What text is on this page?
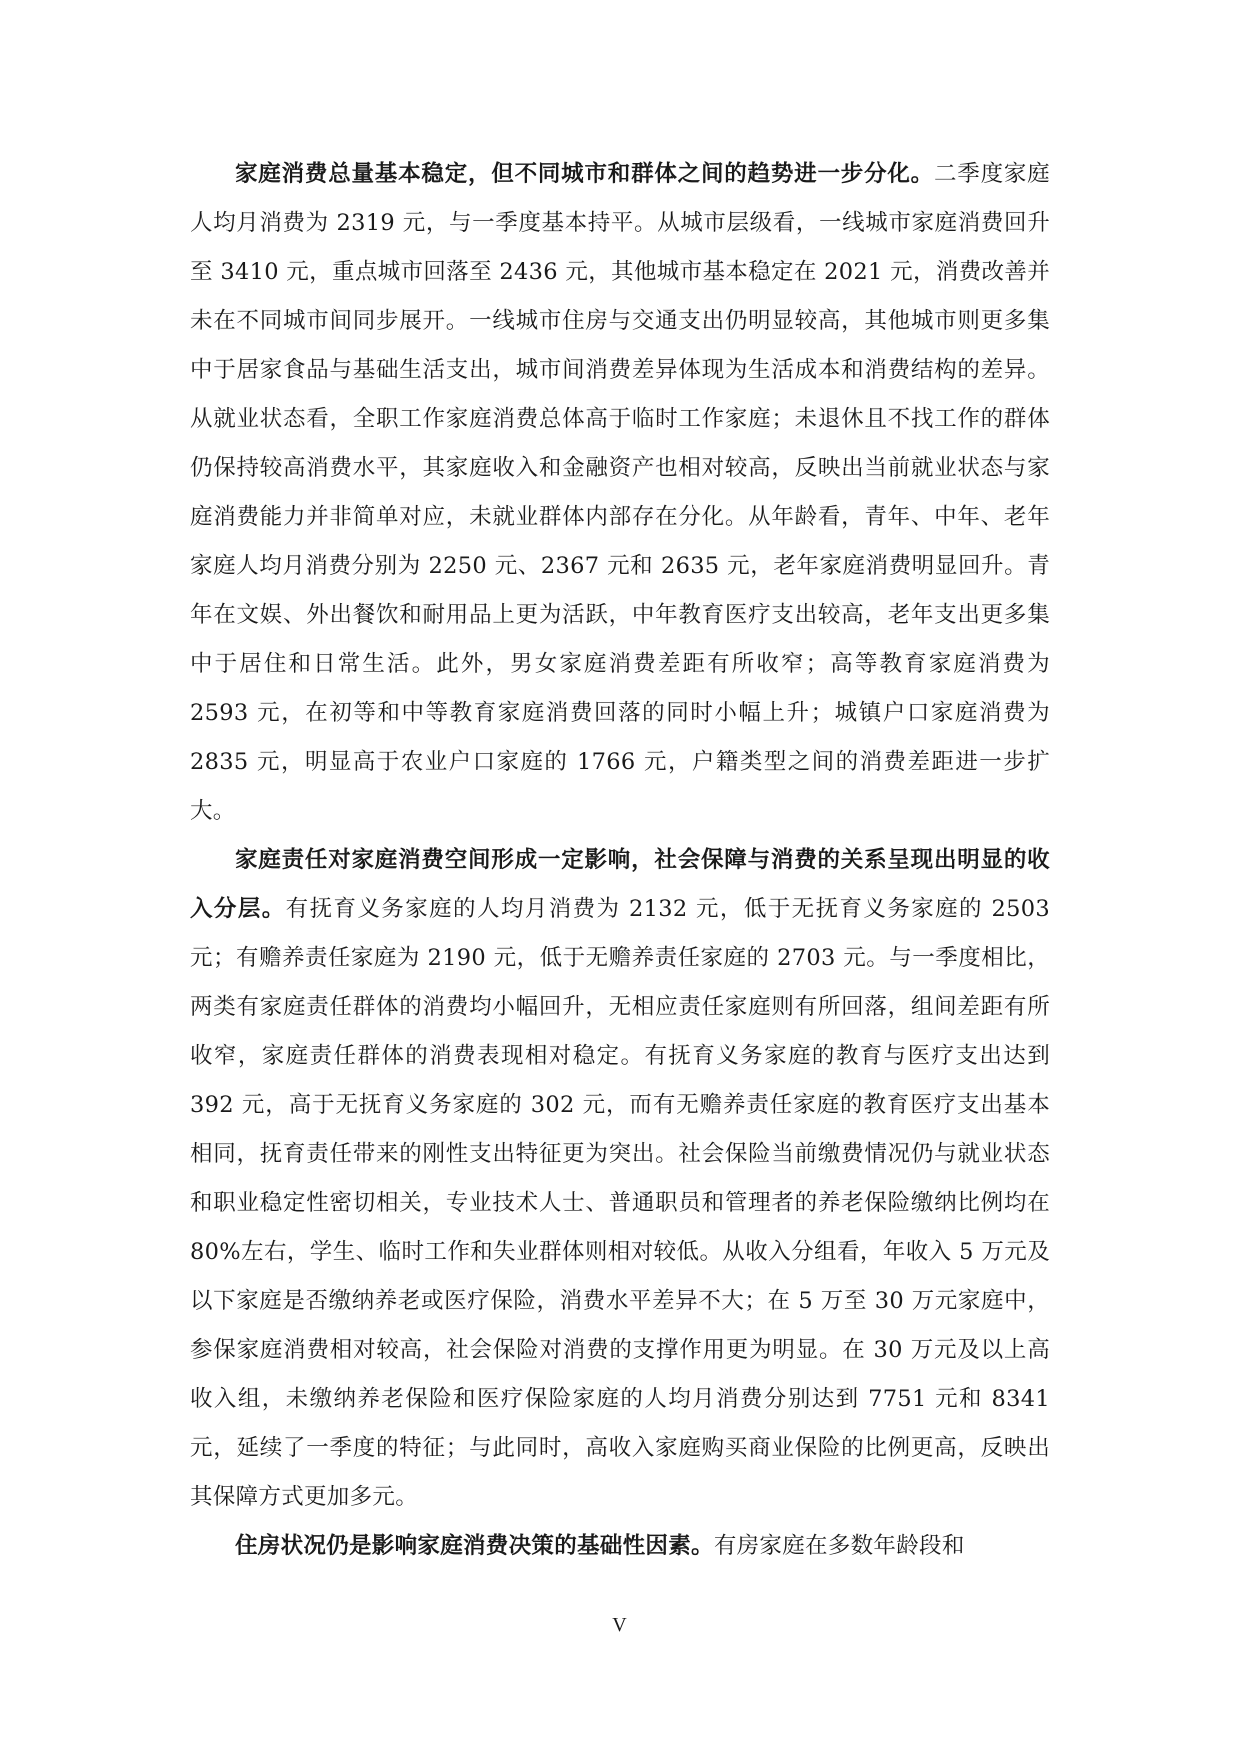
家庭消费总量基本稳定，但不同城市和群体之间的趋势进一步分化。二季度家庭人均月消费为 2319 元，与一季度基本持平。从城市层级看，一线城市家庭消费回升至 3410 元，重点城市回落至 2436 元，其他城市基本稳定在 2021 元，消费改善并未在不同城市间同步展开。一线城市住房与交通支出仍明显较高，其他城市则更多集中于居家食品与基础生活支出，城市间消费差异体现为生活成本和消费结构的差异。从就业状态看，全职工作家庭消费总体高于临时工作家庭；未退休且不找工作的群体仍保持较高消费水平，其家庭收入和金融资产也相对较高，反映出当前就业状态与家庭消费能力并非简单对应，未就业群体内部存在分化。从年龄看，青年、中年、老年家庭人均月消费分别为 2250 元、2367 元和 2635 元，老年家庭消费明显回升。青年在文娱、外出餐饮和耐用品上更为活跃，中年教育医疗支出较高，老年支出更多集中于居住和日常生活。此外，男女家庭消费差距有所收窄；高等教育家庭消费为 2593 元，在初等和中等教育家庭消费回落的同时小幅上升；城镇户口家庭消费为 2835 元，明显高于农业户口家庭的 1766 元，户籍类型之间的消费差距进一步扩大。

家庭责任对家庭消费空间形成一定影响，社会保障与消费的关系呈现出明显的收入分层。有抚育义务家庭的人均月消费为 2132 元，低于无抚育义务家庭的 2503 元；有赡养责任家庭为 2190 元，低于无赡养责任家庭的 2703 元。与一季度相比，两类有家庭责任群体的消费均小幅回升，无相应责任家庭则有所回落，组间差距有所收窄，家庭责任群体的消费表现相对稳定。有抚育义务家庭的教育与医疗支出达到 392 元，高于无抚育义务家庭的 302 元，而有无赡养责任家庭的教育医疗支出基本相同，抚育责任带来的刚性支出特征更为突出。社会保险当前缴费情况仍与就业状态和职业稳定性密切相关，专业技术人士、普通职员和管理者的养老保险缴纳比例均在 80%左右，学生、临时工作和失业群体则相对较低。从收入分组看，年收入 5 万元及以下家庭是否缴纳养老或医疗保险，消费水平差异不大；在 5 万至 30 万元家庭中，参保家庭消费相对较高，社会保险对消费的支撑作用更为明显。在 30 万元及以上高收入组，未缴纳养老保险和医疗保险家庭的人均月消费分别达到 7751 元和 8341 元，延续了一季度的特征；与此同时，高收入家庭购买商业保险的比例更高，反映出其保障方式更加多元。

住房状况仍是影响家庭消费决策的基础性因素。有房家庭在多数年龄段和

V
